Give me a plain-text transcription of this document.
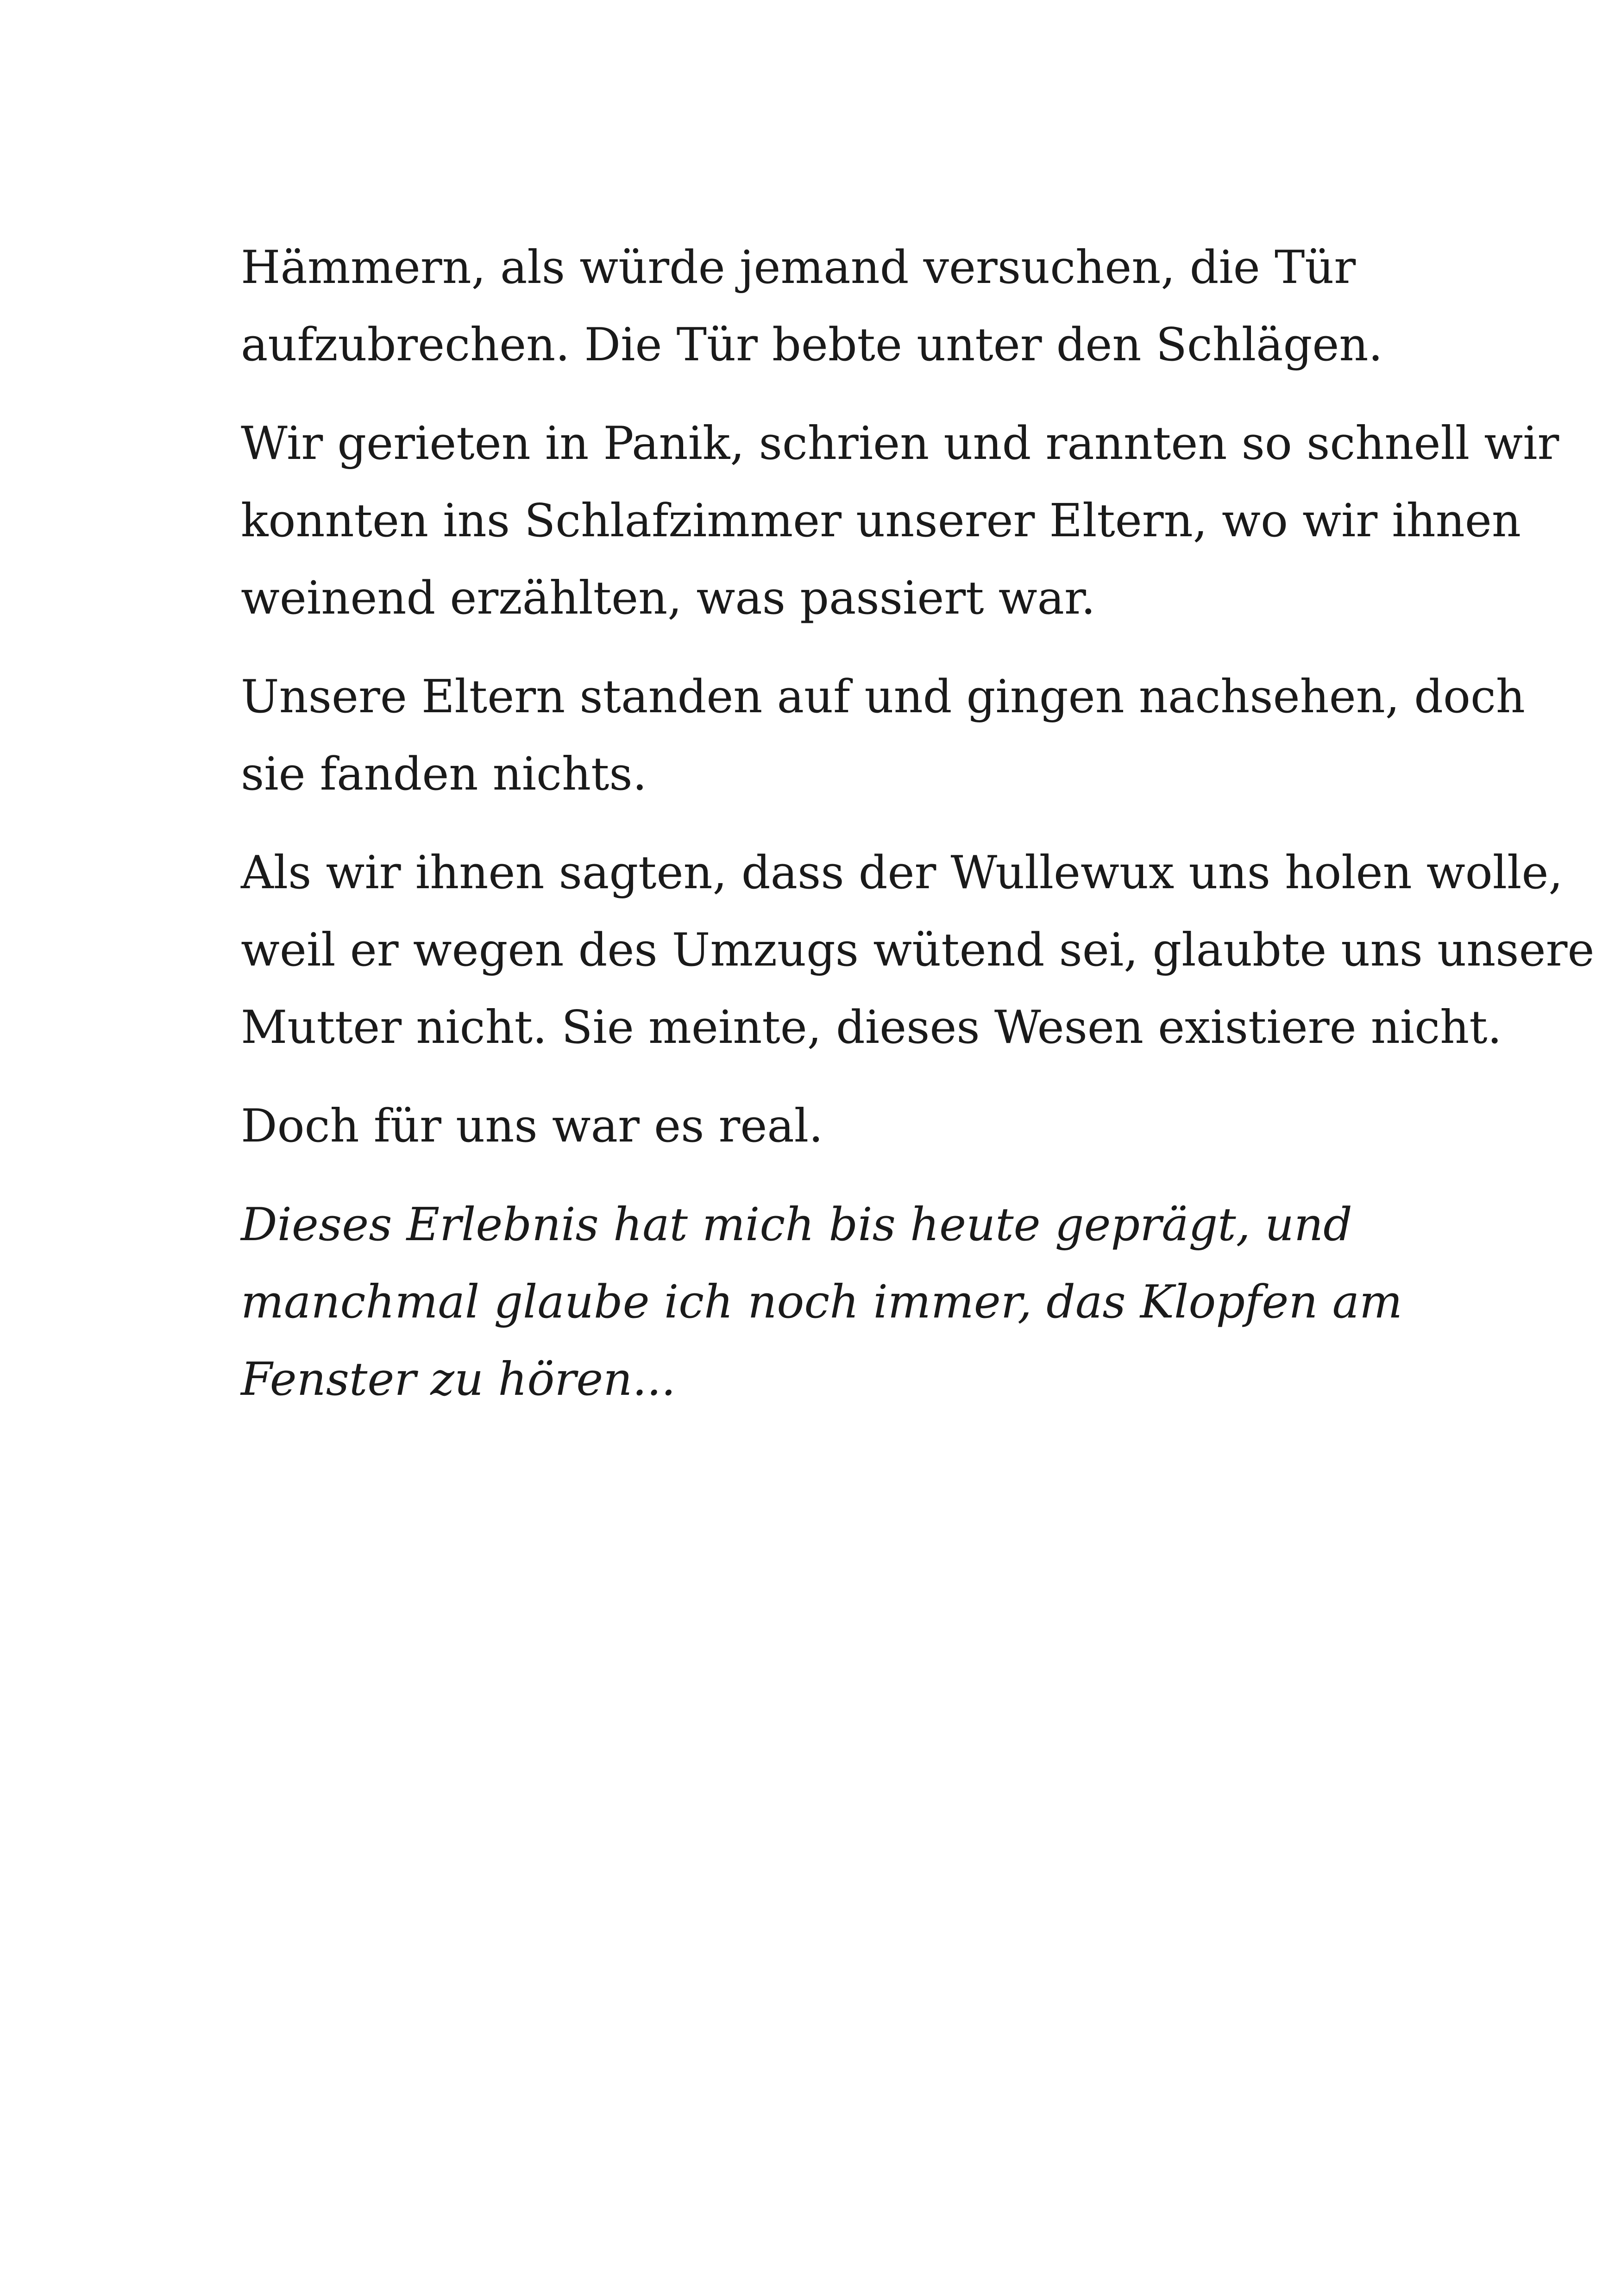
Hämmern, als würde jemand versuchen, die Tür
aufzubrechen. Die Tür bebte unter den Schlägen.

Wir gerieten in Panik, schrien und rannten so schnell wir
konnten ins Schlafzimmer unserer Eltern, wo wir ihnen
weinend erzählten, was passiert war.

Unsere Eltern standen auf und gingen nachsehen, doch
sie fanden nichts.

Als wir ihnen sagten, dass der Wullewux uns holen wolle,
weil er wegen des Umzugs wütend sei, glaubte uns unsere
Mutter nicht. Sie meinte, dieses Wesen existiere nicht.

Doch für uns war es real.

Dieses Erlebnis hat mich bis heute geprägt, und
manchmal glaube ich noch immer, das Klopfen am
Fenster zu hören...
